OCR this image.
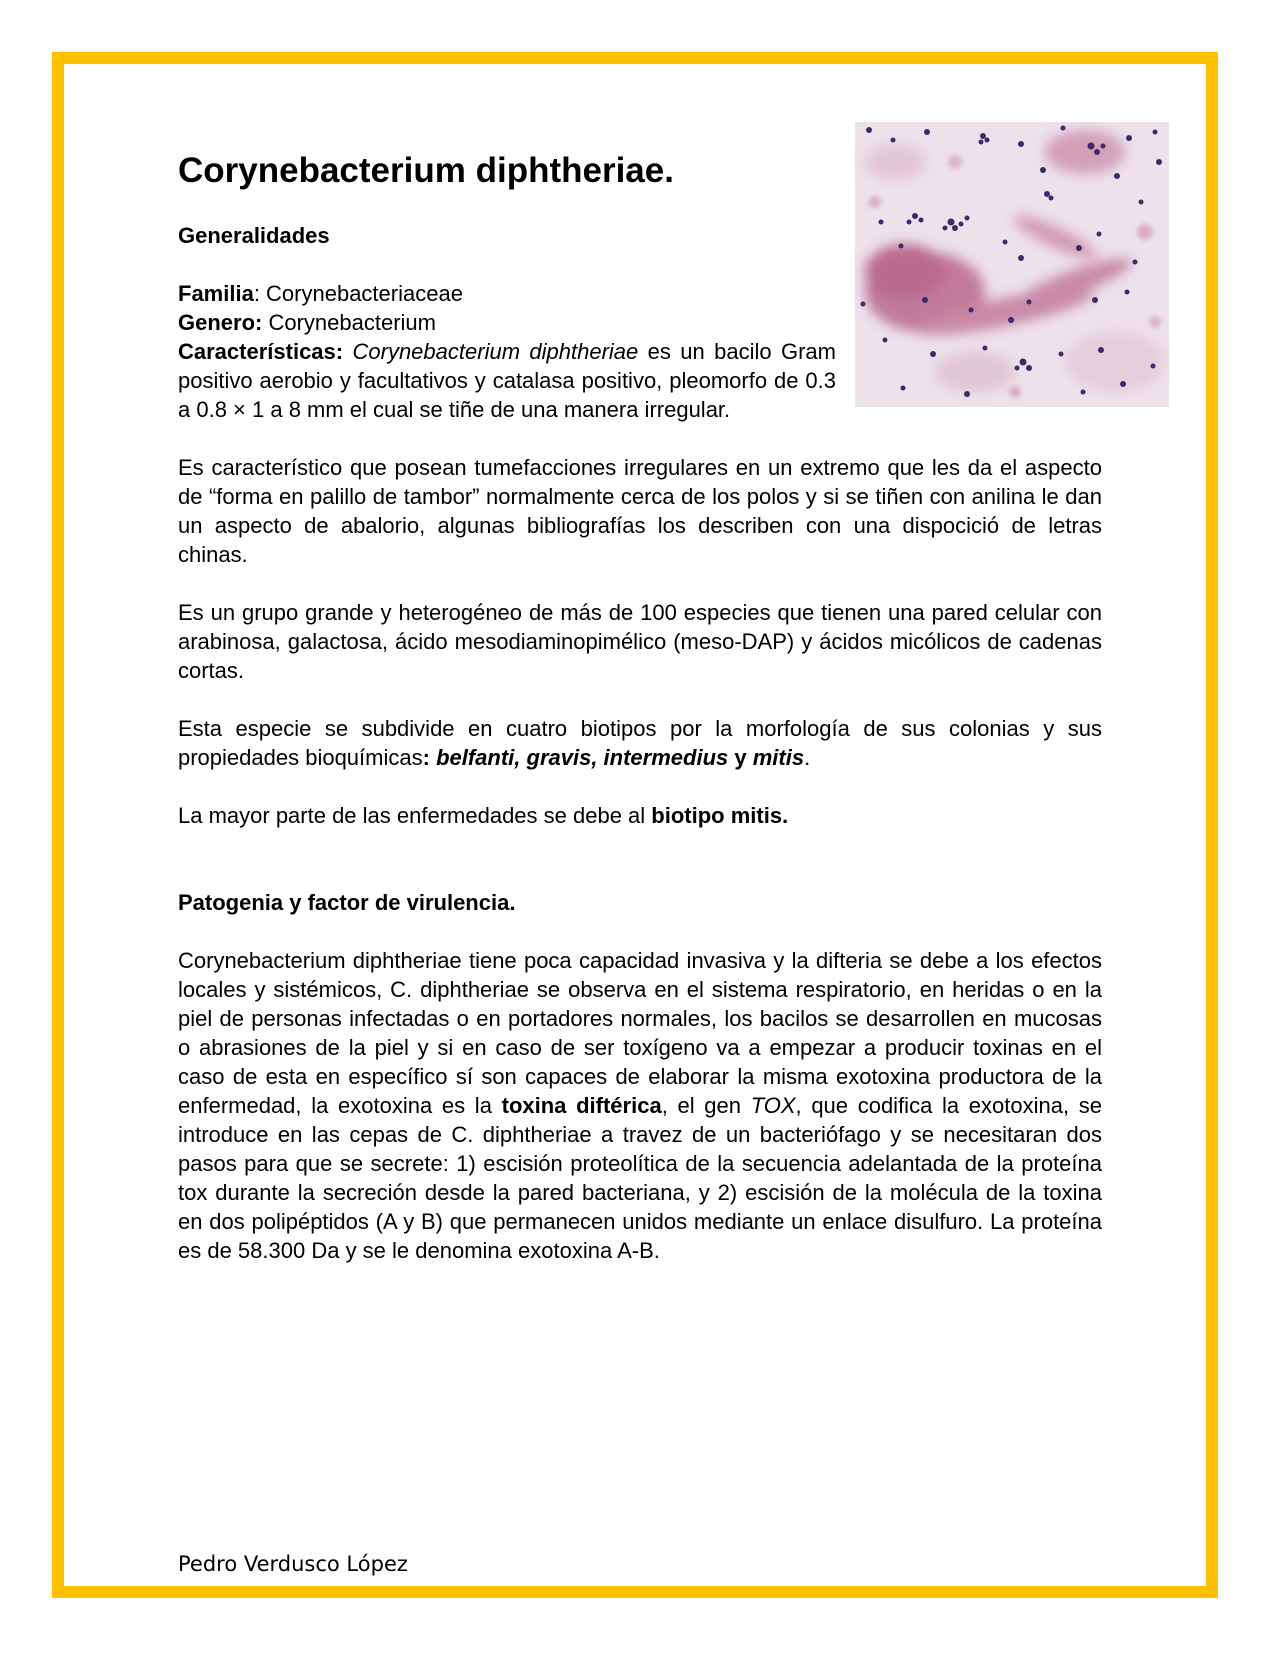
Corynebacterium diphtheriae.
Generalidades

Familia: Corynebacteriaceae

Genero: Corynebacterium

Características: Corynebacterium diphtheriae es un bacilo Gram positivo aerobio y facultativos y catalasa positivo, pleomorfo de 0.3 a 0.8 × 1 a 8 mm el cual se tiñe de una manera irregular.

Es característico que posean tumefacciones irregulares en un extremo que les da el aspecto de “forma en palillo de tambor” normalmente cerca de los polos y si se tiñen con anilina le dan un aspecto de abalorio, algunas bibliografías los describen con una dispocició de letras chinas.

Es un grupo grande y heterogéneo de más de 100 especies que tienen una pared celular con arabinosa, galactosa, ácido mesodiaminopimélico (meso-DAP) y ácidos micólicos de cadenas cortas.

Esta especie se subdivide en cuatro biotipos por la morfología de sus colonias y sus propiedades bioquímicas: belfanti, gravis, intermedius y mitis.

La mayor parte de las enfermedades se debe al biotipo mitis.

Patogenia y factor de virulencia.

Corynebacterium diphtheriae tiene poca capacidad invasiva y la difteria se debe a los efectos locales y sistémicos, C. diphtheriae se observa en el sistema respiratorio, en heridas o en la piel de personas infectadas o en portadores normales, los bacilos se desarrollen en mucosas o abrasiones de la piel y si en caso de ser toxígeno va a empezar a producir toxinas en el caso de esta en específico sí son capaces de elaborar la misma exotoxina productora de la enfermedad, la exotoxina es la toxina diftérica, el gen TOX, que codifica la exotoxina, se introduce en las cepas de C. diphtheriae a travez de un bacteriófago y se necesitaran dos pasos para que se secrete: 1) escisión proteolítica de la secuencia adelantada de la proteína tox durante la secreción desde la pared bacteriana, y 2) escisión de la molécula de la toxina en dos polipéptidos (A y B) que permanecen unidos mediante un enlace disulfuro. La proteína es de 58.300 Da y se le denomina exotoxina A-B.

Pedro Verdusco López
